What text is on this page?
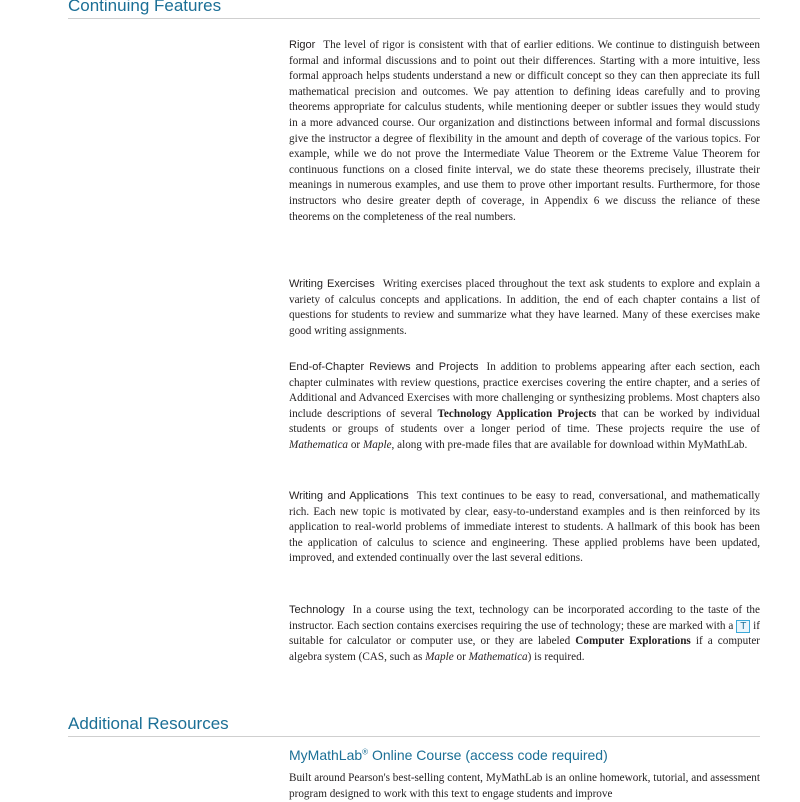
Continuing Features

Rigor The level of rigor is consistent with that of earlier editions. We continue to distinguish between formal and informal discussions and to point out their differences. Starting with a more intuitive, less formal approach helps students understand a new or difficult concept so they can then appreciate its full mathematical precision and outcomes. We pay attention to defining ideas carefully and to proving theorems appropriate for calculus students, while mentioning deeper or subtler issues they would study in a more advanced course. Our organization and distinctions between informal and formal discussions give the instructor a degree of flexibility in the amount and depth of coverage of the various topics. For example, while we do not prove the Intermediate Value Theorem or the Extreme Value Theorem for continuous functions on a closed finite interval, we do state these theorems precisely, illustrate their meanings in numerous examples, and use them to prove other important results. Furthermore, for those instructors who desire greater depth of coverage, in Appendix 6 we discuss the reliance of these theorems on the completeness of the real numbers.

Writing Exercises Writing exercises placed throughout the text ask students to explore and explain a variety of calculus concepts and applications. In addition, the end of each chapter contains a list of questions for students to review and summarize what they have learned. Many of these exercises make good writing assignments.

End-of-Chapter Reviews and Projects In addition to problems appearing after each section, each chapter culminates with review questions, practice exercises covering the entire chapter, and a series of Additional and Advanced Exercises with more challenging or synthesizing problems. Most chapters also include descriptions of several Technology Application Projects that can be worked by individual students or groups of students over a longer period of time. These projects require the use of Mathematica or Maple, along with pre-made files that are available for download within MyMathLab.

Writing and Applications This text continues to be easy to read, conversational, and mathematically rich. Each new topic is motivated by clear, easy-to-understand examples and is then reinforced by its application to real-world problems of immediate interest to students. A hallmark of this book has been the application of calculus to science and engineering. These applied problems have been updated, improved, and extended continually over the last several editions.

Technology In a course using the text, technology can be incorporated according to the taste of the instructor. Each section contains exercises requiring the use of technology; these are marked with a T if suitable for calculator or computer use, or they are labeled Computer Explorations if a computer algebra system (CAS, such as Maple or Mathematica) is required.

Additional Resources
MyMathLab® Online Course (access code required)

Built around Pearson's best-selling content, MyMathLab is an online homework, tutorial, and assessment program designed to work with this text to engage students and improve
